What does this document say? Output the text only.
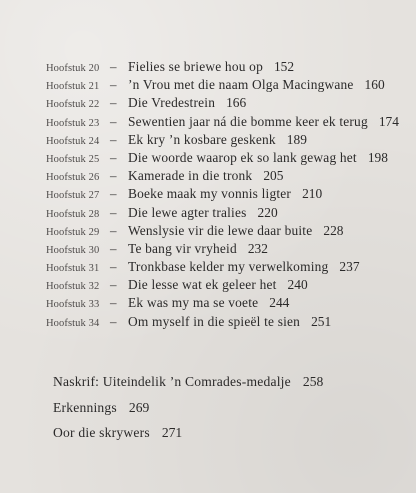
Hoofstuk 20 – Fielies se briewe hou op 152
Hoofstuk 21 – ’n Vrou met die naam Olga Macingwane 160
Hoofstuk 22 – Die Vredestrein 166
Hoofstuk 23 – Sewentien jaar ná die bomme keer ek terug 174
Hoofstuk 24 – Ek kry ’n kosbare geskenk 189
Hoofstuk 25 – Die woorde waarop ek so lank gewag het 198
Hoofstuk 26 – Kamerade in die tronk 205
Hoofstuk 27 – Boeke maak my vonnis ligter 210
Hoofstuk 28 – Die lewe agter tralies 220
Hoofstuk 29 – Wenslysie vir die lewe daar buite 228
Hoofstuk 30 – Te bang vir vryheid 232
Hoofstuk 31 – Tronkbase kelder my verwelkoming 237
Hoofstuk 32 – Die lesse wat ek geleer het 240
Hoofstuk 33 – Ek was my ma se voete 244
Hoofstuk 34 – Om myself in die spieël te sien 251
Naskrif: Uiteindelik ’n Comrades-medalje 258
Erkennings 269
Oor die skrywers 271
